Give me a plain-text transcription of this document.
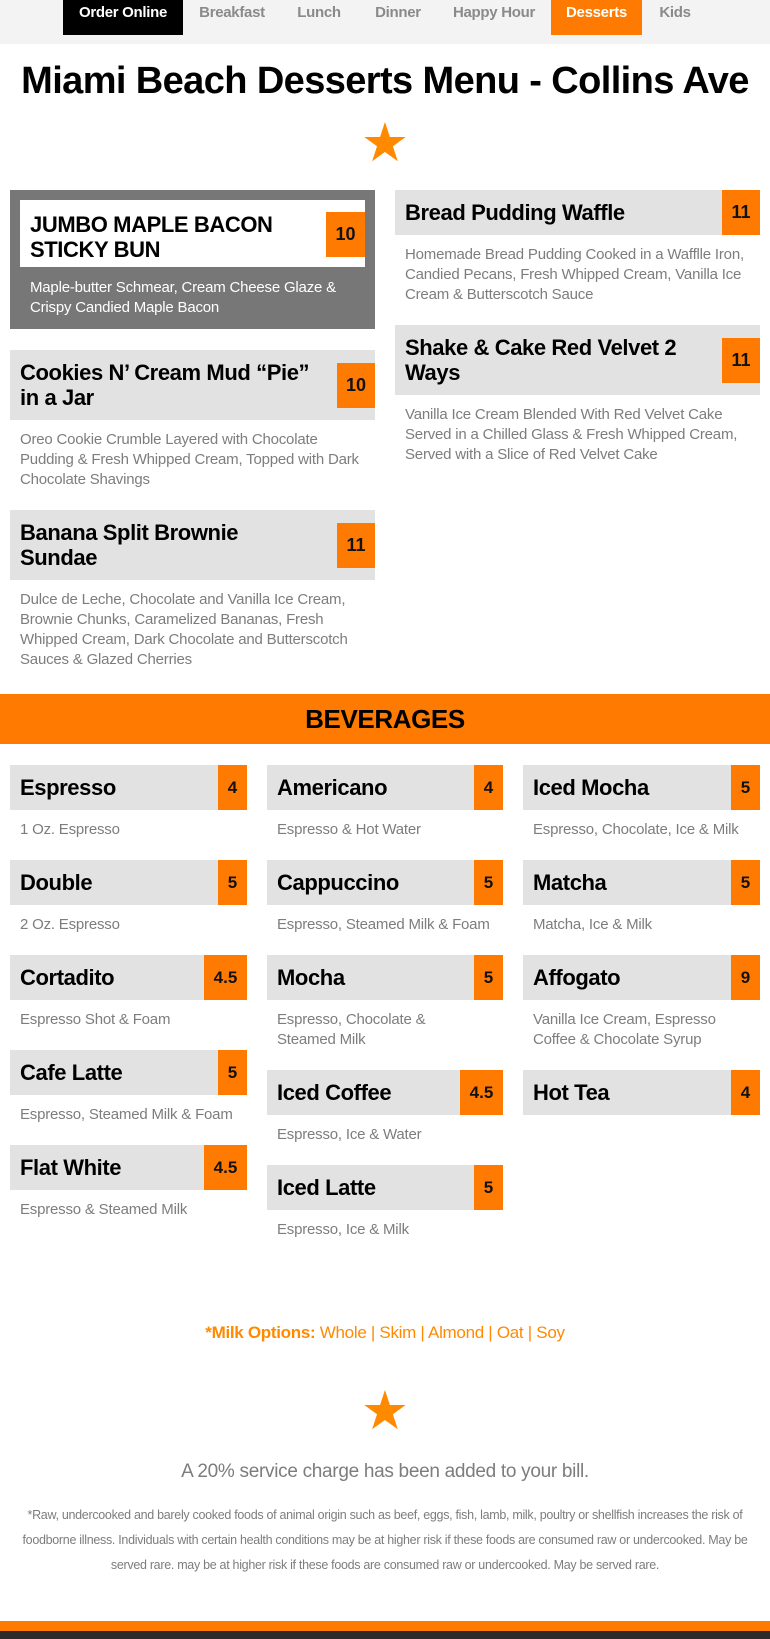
Order Online	Breakfast	Lunch	Dinner	Happy Hour	Desserts	Kids
Miami Beach Desserts Menu - Collins Ave
★
JUMBO MAPLE BACON
STICKY BUN
10
Maple-butter Schmear, Cream Cheese Glaze & Crispy Candied Maple Bacon
Cookies N’ Cream Mud “Pie”
in a Jar	10
Oreo Cookie Crumble Layered with Chocolate Pudding & Fresh Whipped Cream, Topped with Dark Chocolate Shavings
Banana Split Brownie
Sundae	11
Dulce de Leche, Chocolate and Vanilla Ice Cream, Brownie Chunks, Caramelized Bananas, Fresh Whipped Cream, Dark Chocolate and Butterscotch Sauces & Glazed Cherries
Bread Pudding Waffle	11
Homemade Bread Pudding Cooked in a Wafflle Iron, Candied Pecans, Fresh Whipped Cream, Vanilla Ice Cream & Butterscotch Sauce
Shake & Cake Red Velvet 2
Ways	11
Vanilla Ice Cream Blended With Red Velvet Cake Served in a Chilled Glass & Fresh Whipped Cream, Served with a Slice of Red Velvet Cake
BEVERAGES
Espresso	4
1 Oz. Espresso
Double	5
2 Oz. Espresso
Cortadito	4.5
Espresso Shot & Foam
Cafe Latte	5
Espresso, Steamed Milk & Foam
Flat White	4.5
Espresso & Steamed Milk
Americano	4
Espresso & Hot Water
Cappuccino	5
Espresso, Steamed Milk & Foam
Mocha	5
Espresso, Chocolate & Steamed Milk
Iced Coffee	4.5
Espresso, Ice & Water
Iced Latte	5
Espresso, Ice & Milk
Iced Mocha	5
Espresso, Chocolate, Ice & Milk
Matcha	5
Matcha, Ice & Milk
Affogato	9
Vanilla Ice Cream, Espresso Coffee & Chocolate Syrup
Hot Tea	4
*Milk Options: Whole | Skim | Almond | Oat | Soy
★
A 20% service charge has been added to your bill.
*Raw, undercooked and barely cooked foods of animal origin such as beef, eggs, fish, lamb, milk, poultry or shellfish increases the risk of foodborne illness. Individuals with certain health conditions may be at higher risk if these foods are consumed raw or undercooked. May be served rare. may be at higher risk if these foods are consumed raw or undercooked. May be served rare.
